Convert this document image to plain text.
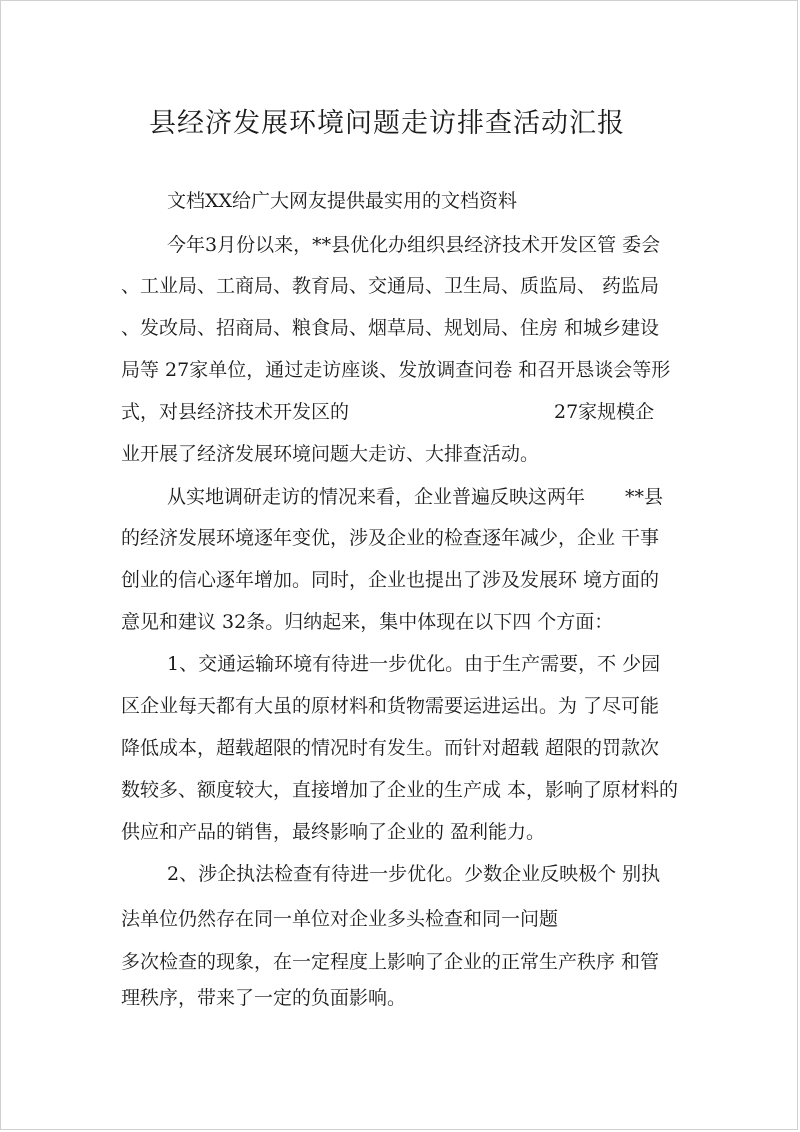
县经济发展环境问题走访排查活动汇报

文档XX给广大网友提供最实用的文档资料

今年3月份以来，**县优化办组织县经济技术开发区管 委会

、工业局、工商局、教育局、交通局、卫生局、质监局、 药监局

、发改局、招商局、粮食局、烟草局、规划局、住房 和城乡建设

局等 27家单位，通过走访座谈、发放调查问卷 和召开恳谈会等形

式，对县经济技术开发区的	27家规模企

业开展了经济发展环境问题大走访、大排查活动。

从实地调研走访的情况来看，企业普遍反映这两年 **县

的经济发展环境逐年变优，涉及企业的检查逐年减少，企业 干事

创业的信心逐年增加。同时，企业也提出了涉及发展环 境方面的

意见和建议 32条。归纳起来，集中体现在以下四 个方面：

1、交通运输环境有待进一步优化。由于生产需要，不 少园

区企业每天都有大虽的原材料和货物需要运进运出。为 了尽可能

降低成本，超载超限的情况时有发生。而针对超载 超限的罚款次

数较多、额度较大，直接增加了企业的生产成 本，影响了原材料的

供应和产品的销售，最终影响了企业的 盈利能力。

2、涉企执法检查有待进一步优化。少数企业反映极个 别执

法单位仍然存在同一单位对企业多头检查和同一问题

多次检查的现象，在一定程度上影响了企业的正常生产秩序 和管

理秩序，带来了一定的负面影响。
